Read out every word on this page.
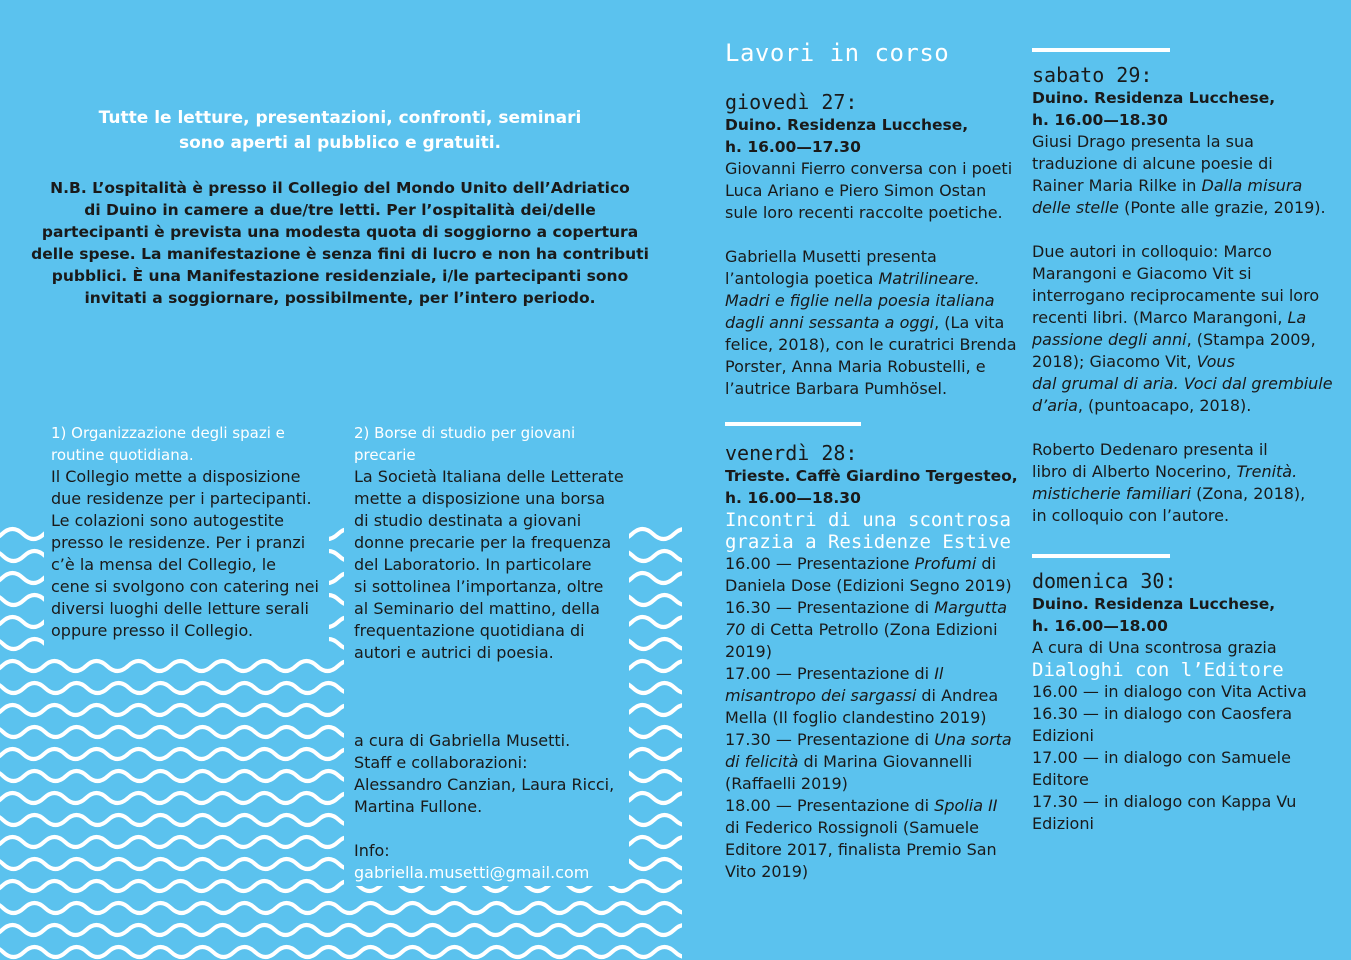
Tutte le letture, presentazioni, confronti, seminari

sono aperti al pubblico e gratuiti.

N.B. L’ospitalità è presso il Collegio del Mondo Unito dell’Adriatico

di Duino in camere a due/tre letti. Per l’ospitalità dei/delle

partecipanti è prevista una modesta quota di soggiorno a copertura

delle spese. La manifestazione è senza fini di lucro e non ha contributi

pubblici. È una Manifestazione residenziale, i/le partecipanti sono

invitati a soggiornare, possibilmente, per l’intero periodo.

1) Organizzazione degli spazi e

routine quotidiana.

Il Collegio mette a disposizione

due residenze per i partecipanti.

Le colazioni sono autogestite

presso le residenze. Per i pranzi

c’è la mensa del Collegio, le

cene si svolgono con catering nei

diversi luoghi delle letture serali

oppure presso il Collegio.

2) Borse di studio per giovani

precarie

La Società Italiana delle Letterate

mette a disposizione una borsa

di studio destinata a giovani

donne precarie per la frequenza

del Laboratorio. In particolare

si sottolinea l’importanza, oltre

al Seminario del mattino, della

frequentazione quotidiana di

autori e autrici di poesia.

a cura di Gabriella Musetti.

Staff e collaborazioni:

Alessandro Canzian, Laura Ricci,

Martina Fullone.

Info:

gabriella.musetti@gmail.com

Lavori in corso

giovedì 27:

Duino. Residenza Lucchese,

h. 16.00—17.30

Giovanni Fierro conversa con i poeti

Luca Ariano e Piero Simon Ostan

sule loro recenti raccolte poetiche.

Gabriella Musetti presenta

l’antologia poetica Matrilineare.

Madri e figlie nella poesia italiana

dagli anni sessanta a oggi, (La vita

felice, 2018), con le curatrici Brenda

Porster, Anna Maria Robustelli, e

l’autrice Barbara Pumhösel.

venerdì 28:

Trieste. Caffè Giardino Tergesteo,

h. 16.00—18.30

Incontri di una scontrosa

grazia a Residenze Estive

16.00 — Presentazione Profumi di

Daniela Dose (Edizioni Segno 2019)

16.30 — Presentazione di Margutta

70 di Cetta Petrollo (Zona Edizioni

2019)

17.00 — Presentazione di Il

misantropo dei sargassi di Andrea

Mella (Il foglio clandestino 2019)

17.30 — Presentazione di Una sorta

di felicità di Marina Giovannelli

(Raffaelli 2019)

18.00 — Presentazione di Spolia II

di Federico Rossignoli (Samuele

Editore 2017, finalista Premio San

Vito 2019)

sabato 29:

Duino. Residenza Lucchese,

h. 16.00—18.30

Giusi Drago presenta la sua

traduzione di alcune poesie di

Rainer Maria Rilke in Dalla misura

delle stelle (Ponte alle grazie, 2019).

Due autori in colloquio: Marco

Marangoni e Giacomo Vit si

interrogano reciprocamente sui loro

recenti libri. (Marco Marangoni, La

passione degli anni, (Stampa 2009,

2018); Giacomo Vit, Vous

dal grumal di aria. Voci dal grembiule

d’aria, (puntoacapo, 2018).

Roberto Dedenaro presenta il

libro di Alberto Nocerino, Trenità.

misticherie familiari (Zona, 2018),

in colloquio con l’autore.

domenica 30:

Duino. Residenza Lucchese,

h. 16.00—18.00

A cura di Una scontrosa grazia

Dialoghi con l’Editore

16.00 — in dialogo con Vita Activa

16.30 — in dialogo con Caosfera

Edizioni

17.00 — in dialogo con Samuele

Editore

17.30 — in dialogo con Kappa Vu

Edizioni
